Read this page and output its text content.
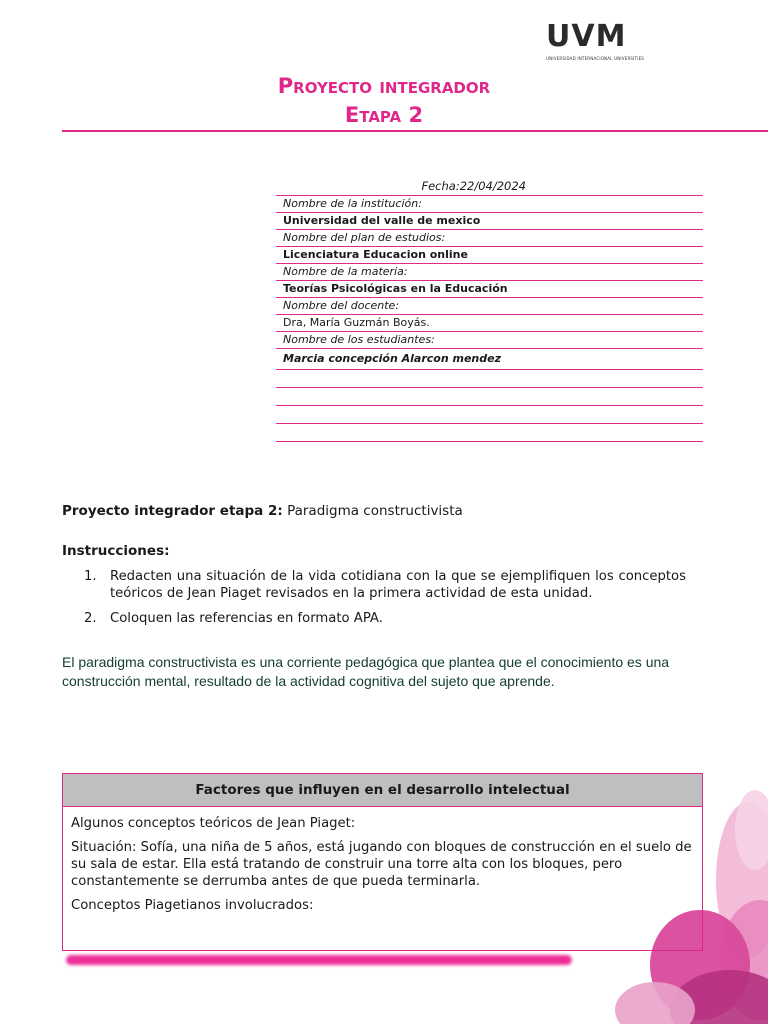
UVM
UNIVERSIDAD INTERNACIONAL UNIVERSITIES
Proyecto integrador
Etapa 2
Fecha:22/04/2024
Nombre de la institución:
Universidad del valle de mexico
Nombre del plan de estudios:
Licenciatura Educacion online
Nombre de la materia:
Teorías Psicológicas en la Educación
Nombre del docente:
Dra, María Guzmán Boyás.
Nombre de los estudiantes:
Marcia concepción Alarcon mendez
Proyecto integrador etapa 2: Paradigma constructivista
Instrucciones:
1. Redacten una situación de la vida cotidiana con la que se ejemplifiquen los conceptos teóricos de Jean Piaget revisados en la primera actividad de esta unidad.
2. Coloquen las referencias en formato APA.
El paradigma constructivista es una corriente pedagógica que plantea que el conocimiento es una construcción mental, resultado de la actividad cognitiva del sujeto que aprende.
Factores que influyen en el desarrollo intelectual

Algunos conceptos teóricos de Jean Piaget:

Situación: Sofía, una niña de 5 años, está jugando con bloques de construcción en el suelo de su sala de estar. Ella está tratando de construir una torre alta con los bloques, pero constantemente se derrumba antes de que pueda terminarla.

Conceptos Piagetianos involucrados:
